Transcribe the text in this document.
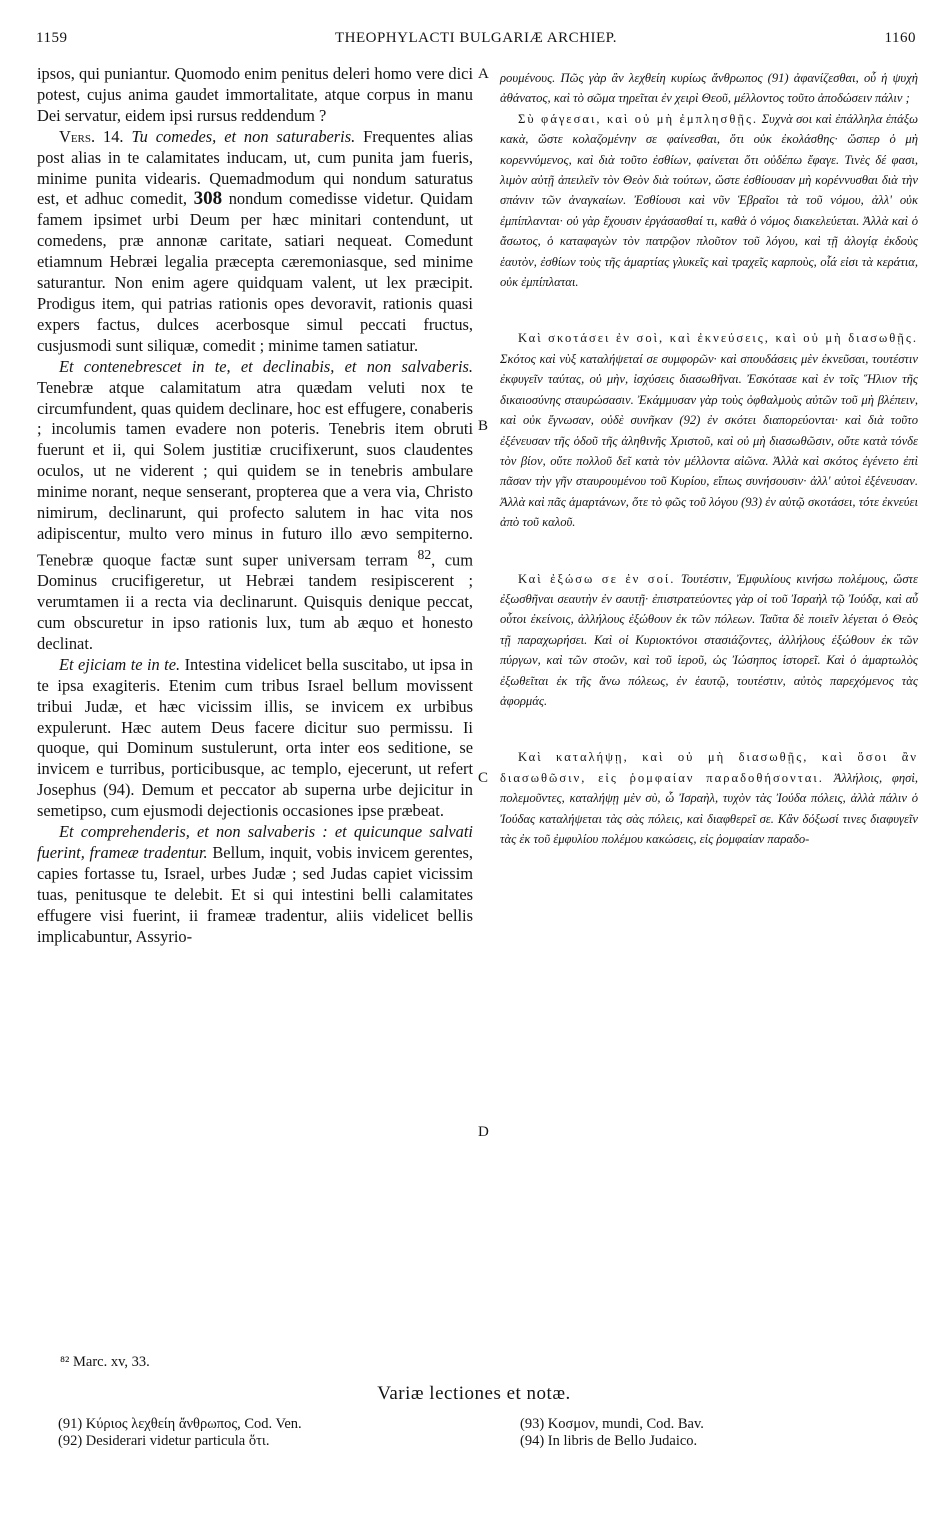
1159	THEOPHYLACTI BULGARIÆ ARCHIEP.	1160

ipsos, qui puniantur. Quomodo enim penitus deleri homo vere dici potest, cujus anima gaudet immortalitate, atque corpus in manu Dei servatur, eidem ipsi rursus reddendum ?

Vers. 14. Tu comedes, et non saturaberis. Frequentes alias post alias in te calamitates inducam, ut, cum punita jam fueris, minime punita videaris. Quemadmodum qui nondum saturatus est, et adhuc comedit, 308 nondum comedisse videtur. Quidam famem ipsimet urbi Deum per hæc minitari contendunt, ut comedens, præ annonæ caritate, satiari nequeat. Comedunt etiamnum Hebræi legalia præcepta cæremoniasque, sed minime saturantur. Non enim agere quidquam valent, ut lex præcipit. Prodigus item, qui patrias rationis opes devoravit, rationis quasi expers factus, dulces acerbosque simul peccati fructus, cusjusmodi sunt siliquæ, comedit ; minime tamen satiatur.

Et contenebrescet in te, et declinabis, et non salvaberis. Tenebræ atque calamitatum atra quædam veluti nox te circumfundent, quas quidem declinare, hoc est effugere, conaberis ; incolumis tamen evadere non poteris. Tenebris item obruti fuerunt et ii, qui Solem justitiæ crucifixerunt, suos claudentes oculos, ut ne viderent ; qui quidem se in tenebris ambulare minime norant, neque senserant, propterea que a vera via, Christo nimirum, declinarunt, qui profecto salutem in hac vita nos adipiscentur, multo vero minus in futuro illo ævo sempiterno. Tenebræ quoque factæ sunt super universam terram $^{82}$, cum Dominus crucifigeretur, ut Hebræi tandem resipiscerent ; verumtamen ii a recta via declinarunt. Quisquis denique peccat, cum obscuretur in ipso rationis lux, tum ab æquo et honesto declinat.

Et ejiciam te in te. Intestina videlicet bella suscitabo, ut ipsa in te ipsa exagiteris. Etenim cum tribus Israel bellum movissent tribui Judæ, et hæc vicissim illis, se invicem ex urbibus expulerunt. Hæc autem Deus facere dicitur suo permissu. Ii quoque, qui Dominum sustulerunt, orta inter eos seditione, se invicem e turribus, porticibusque, ac templo, ejecerunt, ut refert Josephus (94). Demum et peccator ab superna urbe dejicitur in semetipso, cum ejusmodi dejectionis occasiones ipse præbeat.

Et comprehenderis, et non salvaberis : et quicunque salvati fuerint, frameæ tradentur. Bellum, inquit, vobis invicem gerentes, capies fortasse tu, Israel, urbes Judæ ; sed Judas capiet vicissim tuas, penitusque te delebit. Et si qui intestini belli calamitates effugere visi fuerint, ii frameæ tradentur, aliis videlicet bellis implicabuntur, Assyrio-

A
B
C
D

ρουμένους. Πῶς γὰρ ἂν λεχθείη κυρίως ἄνθρωπος (91) ἀφανίζεσθαι, οὗ ἡ ψυχὴ ἀθάνατος, καὶ τὸ σῶμα τηρεῖται ἐν χειρὶ Θεοῦ, μέλλοντος τοῦτο ἀποδώσειν πάλιν ;

Σὺ φάγεσαι, καὶ οὐ μὴ ἐμπλησθῇς. Συχνὰ σοι καὶ ἐπάλληλα ἐπάξω κακὰ, ὥστε κολαζομένην σε φαίνεσθαι, ὅτι οὐκ ἐκολάσθης· ὥσπερ ὁ μὴ κορεννύμενος, καὶ διὰ τοῦτο ἐσθίων, φαίνεται ὅτι οὐδέπω ἔφαγε. Τινὲς δέ φασι, λιμὸν αὐτῇ ἀπειλεῖν τὸν Θεὸν διὰ τούτων, ὥστε ἐσθίουσαν μὴ κορέννυσθαι διὰ τὴν σπάνιν τῶν ἀναγκαίων. Ἐσθίουσι καὶ νῦν Ἑβραῖοι τὰ τοῦ νόμου, ἀλλ' οὐκ ἐμπίπλανται· οὐ γὰρ ἔχουσιν ἐργάσασθαί τι, καθὰ ὁ νόμος διακελεύεται. Ἀλλὰ καὶ ὁ ἄσωτος, ὁ καταφαγὼν τὸν πατρῷον πλοῦτον τοῦ λόγου, καὶ τῇ ἀλογίᾳ ἐκδοὺς ἑαυτὸν, ἐσθίων τοὺς τῆς ἁμαρτίας γλυκεῖς καὶ τραχεῖς καρποὺς, οἷά εἰσι τὰ κεράτια, οὐκ ἐμπίπλαται.

Καὶ σκοτάσει ἐν σοὶ, καὶ ἐκνεύσεις, καὶ οὐ μὴ διασωθῇς. Σκότος καὶ νὺξ καταλήψεταί σε συμφορῶν· καὶ σπουδάσεις μὲν ἐκνεῦσαι, τουτέστιν ἐκφυγεῖν ταύτας, οὐ μὴν, ἰσχύσεις διασωθῆναι. Ἐσκότασε καὶ ἐν τοῖς Ἥλιον τῆς δικαιοσύνης σταυρώσασιν. Ἐκάμμυσαν γὰρ τοὺς ὀφθαλμοὺς αὐτῶν τοῦ μὴ βλέπειν, καὶ οὐκ ἔγνωσαν, οὐδὲ συνῆκαν (92) ἐν σκότει διαπορεύονται· καὶ διὰ τοῦτο ἐξένευσαν τῆς ὁδοῦ τῆς ἀληθινῆς Χριστοῦ, καὶ οὐ μὴ διασωθῶσιν, οὔτε κατὰ τόνδε τὸν βίον, οὔτε πολλοῦ δεῖ κατὰ τὸν μέλλοντα αἰῶνα. Ἀλλὰ καὶ σκότος ἐγένετο ἐπὶ πᾶσαν τὴν γῆν σταυρουμένου τοῦ Κυρίου, εἴπως συνήσουσιν· ἀλλ' αὐτοὶ ἐξένευσαν. Ἀλλὰ καὶ πᾶς ἁμαρτάνων, ὅτε τὸ φῶς τοῦ λόγου (93) ἐν αὐτῷ σκοτάσει, τότε ἐκνεύει ἀπὸ τοῦ καλοῦ.

Καὶ ἐξώσω σε ἐν σοί. Τουτέστιν, Ἐμφυλίους κινήσω πολέμους, ὥστε ἐξωσθῆναι σεαυτὴν ἐν σαυτῇ· ἐπιστρατεύοντες γὰρ οἱ τοῦ Ἰσραὴλ τῷ Ἰούδᾳ, καὶ αὖ οὗτοι ἐκείνοις, ἀλλήλους ἐξώθουν ἐκ τῶν πόλεων. Ταῦτα δὲ ποιεῖν λέγεται ὁ Θεὸς τῇ παραχωρήσει. Καὶ οἱ Κυριοκτόνοι στασιάζοντες, ἀλλήλους ἐξώθουν ἐκ τῶν πύργων, καὶ τῶν στοῶν, καὶ τοῦ ἱεροῦ, ὡς Ἰώσηπος ἱστορεῖ. Καὶ ὁ ἁμαρτωλὸς ἐξωθεῖται ἐκ τῆς ἄνω πόλεως, ἐν ἑαυτῷ, τουτέστιν, αὐτὸς παρεχόμενος τὰς ἀφορμάς.

Καὶ καταλήψῃ, καὶ οὐ μὴ διασωθῇς, καὶ ὅσοι ἂν διασωθῶσιν, εἰς ῥομφαίαν παραδοθήσονται. Ἀλλήλοις, φησὶ, πολεμοῦντες, καταλήψῃ μὲν σὺ, ὦ Ἰσραὴλ, τυχὸν τὰς Ἰούδα πόλεις, ἀλλὰ πάλιν ὁ Ἰούδας καταλήψεται τὰς σὰς πόλεις, καὶ διαφθερεῖ σε. Κἂν δόξωσί τινες διαφυγεῖν τὰς ἐκ τοῦ ἐμφυλίου πολέμου κακώσεις, εἰς ῥομφαίαν παραδο-

⁸² Marc. xv, 33.
Variæ lectiones et notæ.

(91) Κύριος λεχθείη ἄνθρωπος, Cod. Ven.

(92) Desiderari videtur particula ὅτι.

(93) Κοσμον, mundi, Cod. Bav.

(94) In libris de Bello Judaico.
